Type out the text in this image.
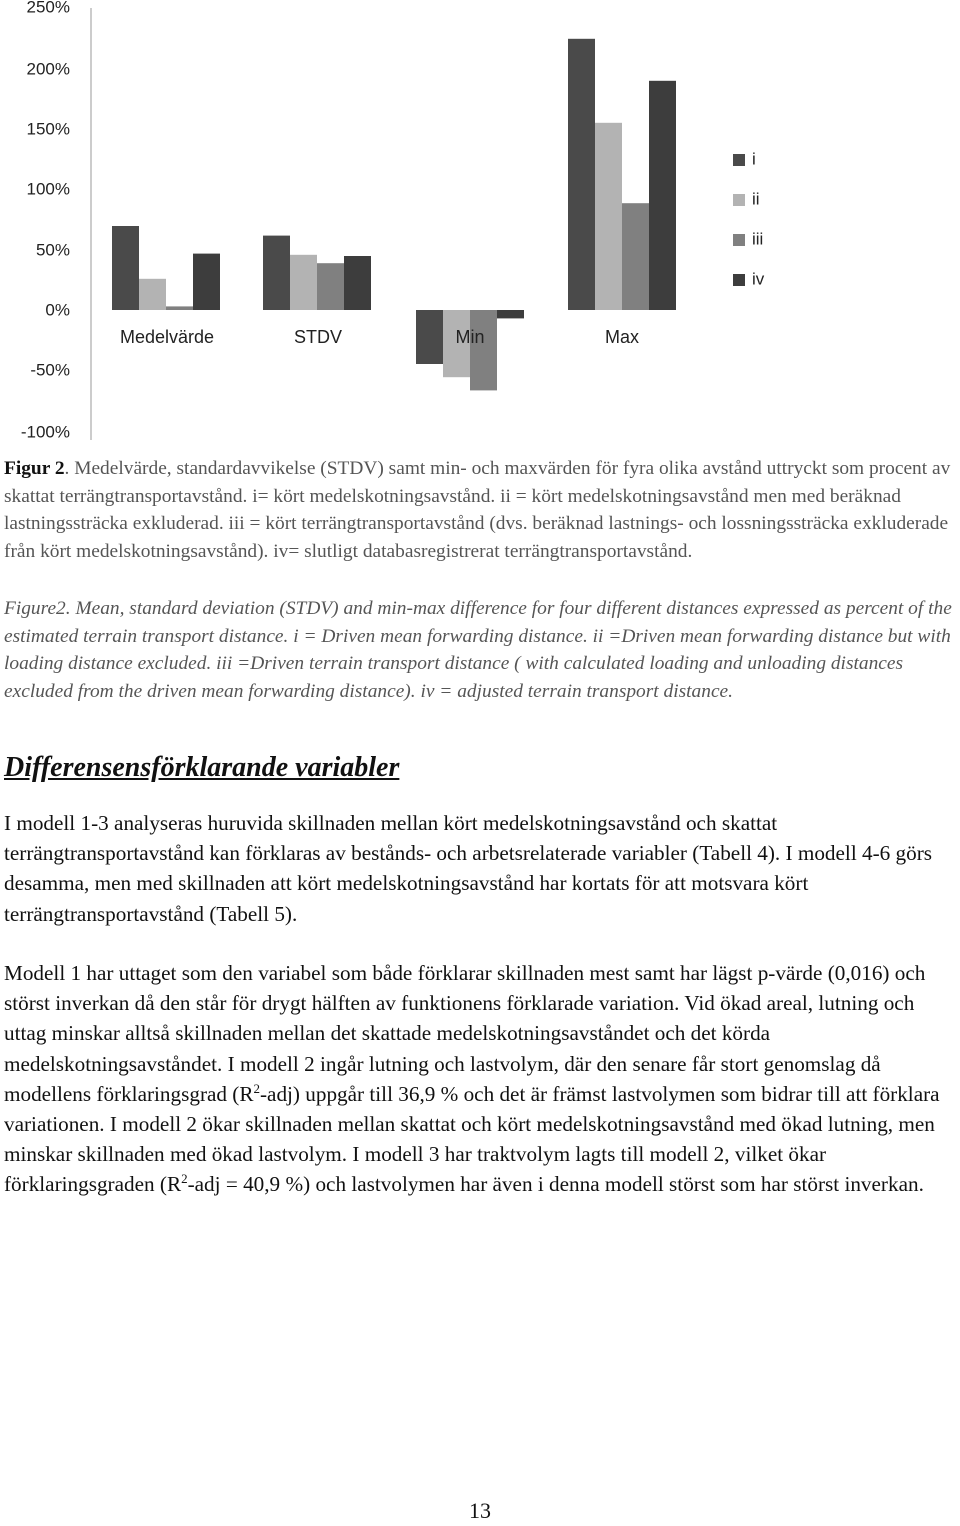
250%
200%
150%
100%
50%
0%
-50%
-100%
Medelvärde	STDV	Min	Max
i
ii
iii
iv
Figur 2. Medelvärde, standardavvikelse (STDV) samt min- och maxvärden för fyra olika avstånd uttryckt som procent av skattat terrängtransportavstånd. i= kört medelskotningsavstånd. ii = kört medelskotningsavstånd men med beräknad lastningssträcka exkluderad. iii = kört terrängtransportavstånd (dvs. beräknad lastnings- och lossningssträcka exkluderade från kört medelskotningsavstånd). iv= slutligt databasregistrerat terrängtransportavstånd.
Figure2. Mean, standard deviation (STDV) and min-max difference for four different distances expressed as percent of the estimated terrain transport distance. i = Driven mean forwarding distance. ii =Driven mean forwarding distance but with loading distance excluded. iii =Driven terrain transport distance ( with calculated loading and unloading distances excluded from the driven mean forwarding distance). iv = adjusted terrain transport distance.
Differensensförklarande variabler

I modell 1-3 analyseras huruvida skillnaden mellan kört medelskotningsavstånd och skattat terrängtransportavstånd kan förklaras av bestånds- och arbetsrelaterade variabler (Tabell 4). I modell 4-6 görs desamma, men med skillnaden att kört medelskotningsavstånd har kortats för att motsvara kört terrängtransportavstånd (Tabell 5).

Modell 1 har uttaget som den variabel som både förklarar skillnaden mest samt har lägst p-värde (0,016) och störst inverkan då den står för drygt hälften av funktionens förklarade variation. Vid ökad areal, lutning och uttag minskar alltså skillnaden mellan det skattade medelskotningsavståndet och det körda medelskotningsavståndet. I modell 2 ingår lutning och lastvolym, där den senare får stort genomslag då modellens förklaringsgrad $(R^2-adj)$ uppgår till 36,9 % och det är främst lastvolymen som bidrar till att förklara variationen. I modell 2 ökar skillnaden mellan skattat och kört medelskotningsavstånd med ökad lutning, men minskar skillnaden med ökad lastvolym. I modell 3 har traktvolym lagts till modell 2, vilket ökar förklaringsgraden ($R^2$-adj = 40,9 %) och lastvolymen har även i denna modell störst som har störst inverkan.

13
